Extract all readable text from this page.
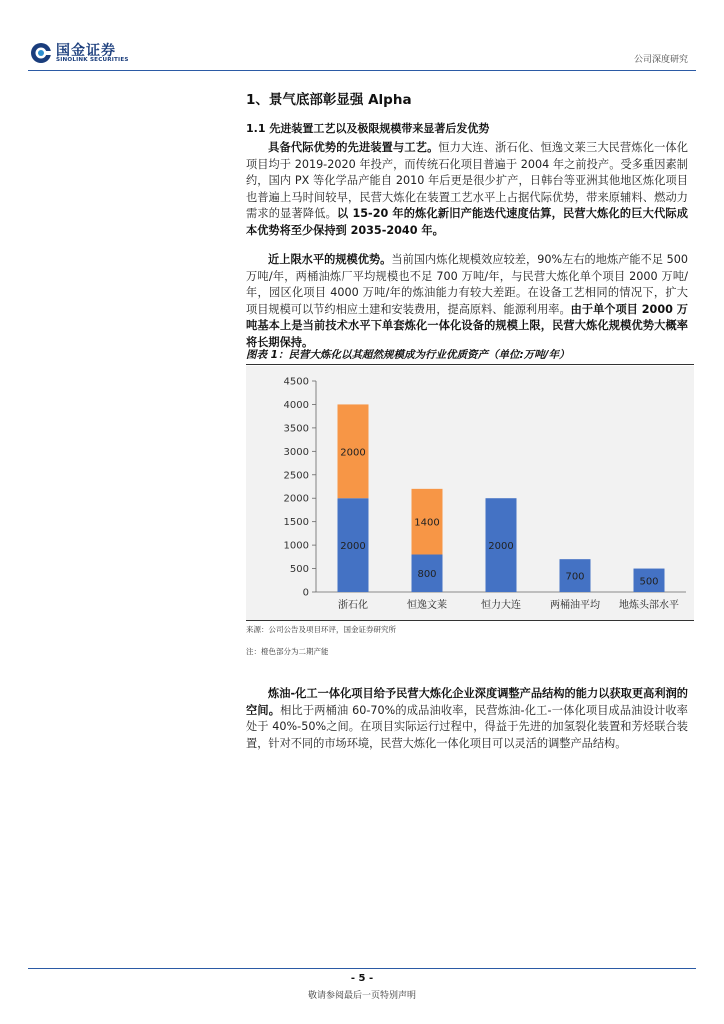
国金证券
SINOLINK SECURITIES	公司深度研究
1、景气底部彰显强 Alpha
1.1 先进装置工艺以及极限规模带来显著后发优势

具备代际优势的先进装置与工艺。恒力大连、浙石化、恒逸文莱三大民营炼化一体化项目均于 2019-2020 年投产，而传统石化项目普遍于 2004 年之前投产。受多重因素制约，国内 PX 等化学品产能自 2010 年后更是很少扩产，日韩台等亚洲其他地区炼化项目也普遍上马时间较早，民营大炼化在装置工艺水平上占据代际优势，带来原辅料、燃动力需求的显著降低。以 15-20 年的炼化新旧产能迭代速度估算，民营大炼化的巨大代际成本优势将至少保持到 2035-2040 年。

近上限水平的规模优势。当前国内炼化规模效应较差，90%左右的地炼产能不足 500 万吨/年，两桶油炼厂平均规模也不足 700 万吨/年，与民营大炼化单个项目 2000 万吨/年，园区化项目 4000 万吨/年的炼油能力有较大差距。在设备工艺相同的情况下，扩大项目规模可以节约相应土建和安装费用，提高原料、能源利用率。由于单个项目 2000 万吨基本上是当前技术水平下单套炼化一体化设备的规模上限，民营大炼化规模优势大概率将长期保持。

图表 1：民营大炼化以其超然规模成为行业优质资产（单位:万吨/年）
0
500
1000
1500
2000
2500
3000
3500
4000
4500
2000
2000
浙石化
800
1400
恒逸文莱
2000
恒力大连
700
两桶油平均
500
地炼头部水平
来源：公司公告及项目环评，国金证券研究所
注：橙色部分为二期产能

炼油-化工一体化项目给予民营大炼化企业深度调整产品结构的能力以获取更高利润的空间。相比于两桶油 60-70%的成品油收率，民营炼油-化工-一体化项目成品油设计收率处于 40%-50%之间。在项目实际运行过程中，得益于先进的加氢裂化装置和芳烃联合装置，针对不同的市场环境，民营大炼化一体化项目可以灵活的调整产品结构。

- 5 -
敬请参阅最后一页特别声明
